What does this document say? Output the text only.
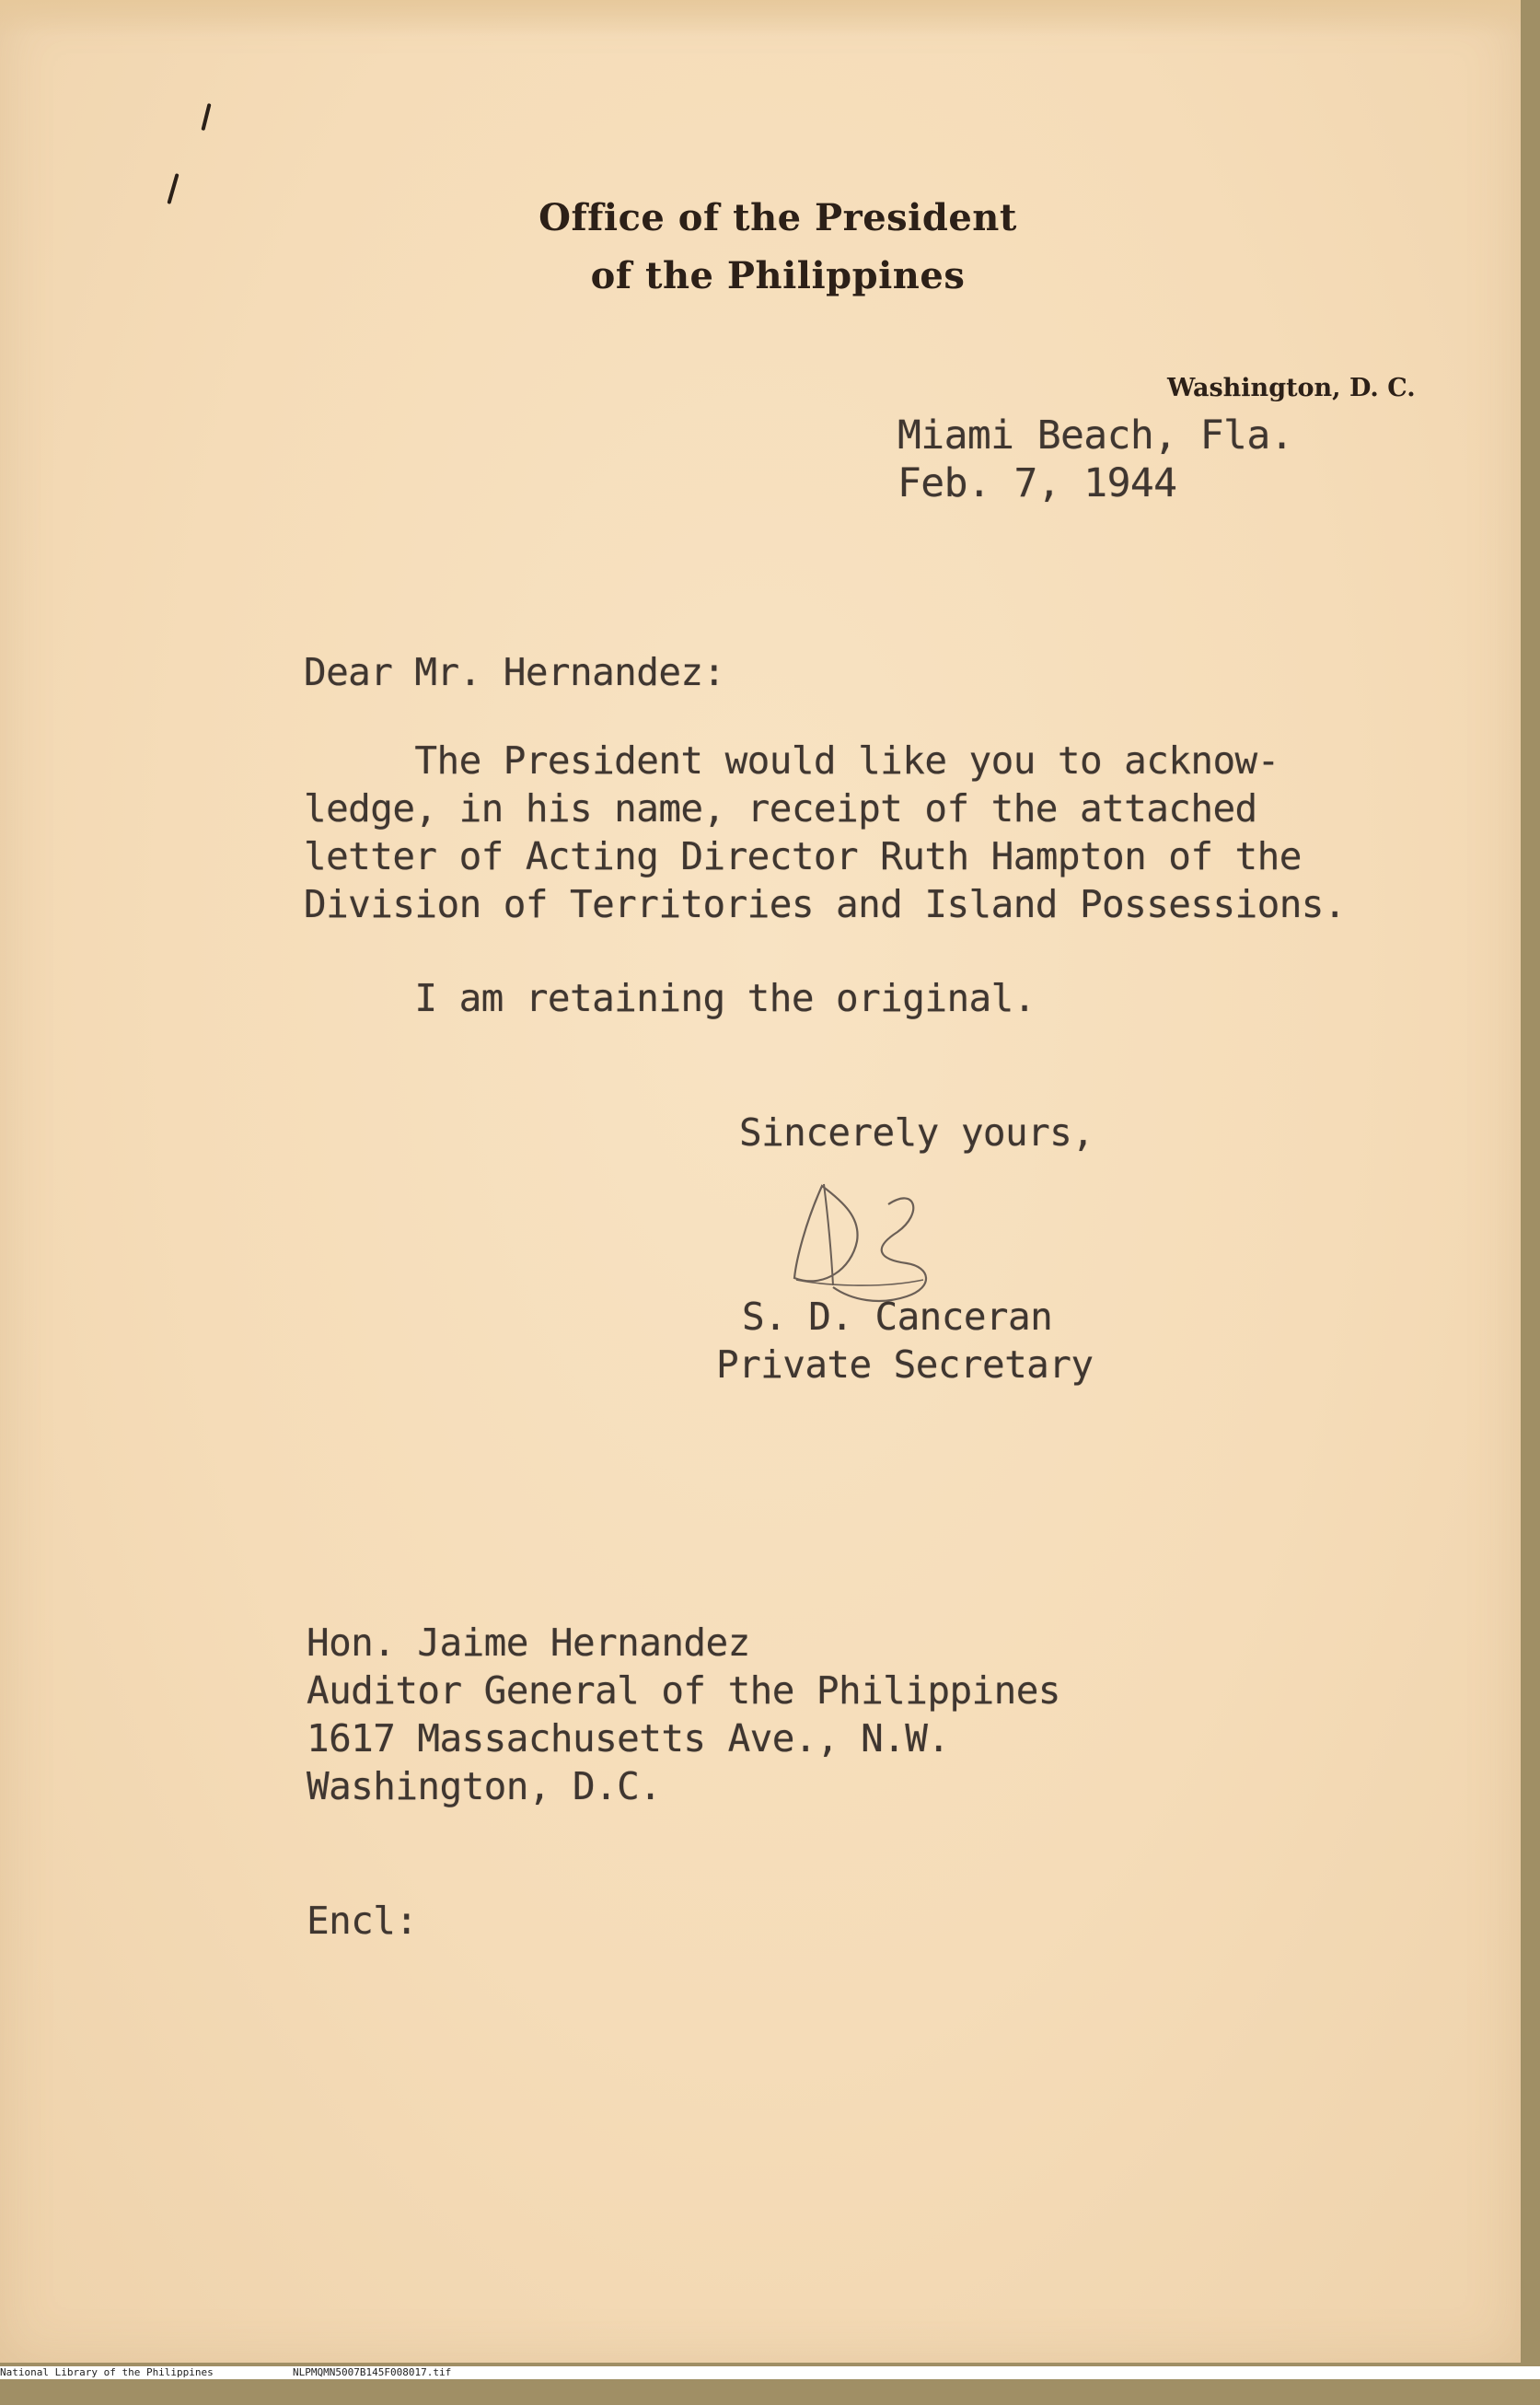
Office of the President
of the Philippines
Washington, D. C.
Miami Beach, Fla.
Feb. 7, 1944
Dear Mr. Hernandez:
The President would like you to acknow-
ledge, in his name, receipt of the attached
letter of Acting Director Ruth Hampton of the
Division of Territories and Island Possessions.
I am retaining the original.
Sincerely yours,
S. D. Canceran
Private Secretary
Hon. Jaime Hernandez
Auditor General of the Philippines
1617 Massachusetts Ave., N.W.
Washington, D.C.
Encl:

National Library of the Philippines

	NLPMQMN5007B145F008017.tif
